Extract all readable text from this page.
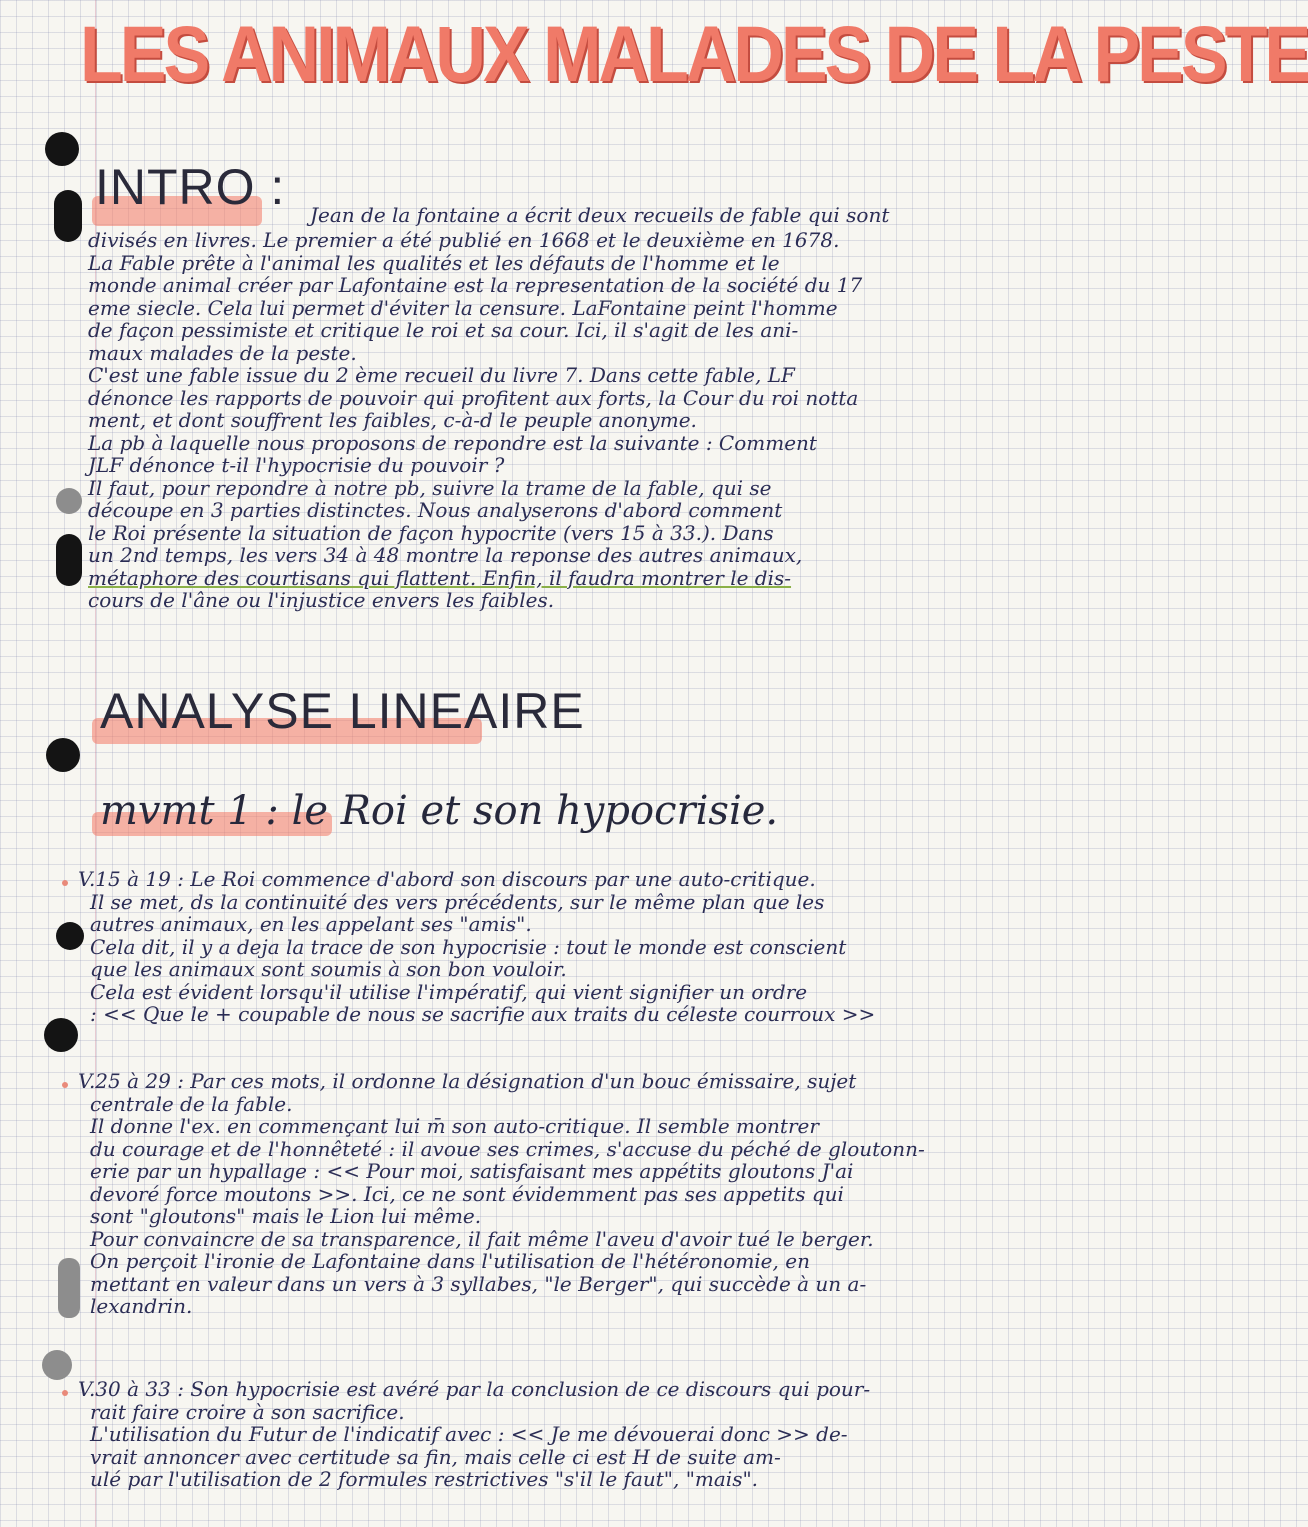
LES ANIMAUX MALADES DE LA PESTE
INTRO : Jean de la fontaine a écrit deux recueils de fable qui sont

divisés en livres. Le premier a été publié en 1668 et le deuxième en 1678.

La Fable prête à l'animal les qualités et les défauts de l'homme et le

monde animal créer par Lafontaine est la representation de la société du 17

eme siecle. Cela lui permet d'éviter la censure. LaFontaine peint l'homme

de façon pessimiste et critique le roi et sa cour. Ici, il s'agit de les ani-

maux malades de la peste.

C'est une fable issue du 2 ème recueil du livre 7. Dans cette fable, LF

dénonce les rapports de pouvoir qui profitent aux forts, la Cour du roi notta

ment, et dont souffrent les faibles, c-à-d le peuple anonyme.

La pb à laquelle nous proposons de repondre est la suivante : Comment

JLF dénonce t-il l'hypocrisie du pouvoir ?

Il faut, pour repondre à notre pb, suivre la trame de la fable, qui se

découpe en 3 parties distinctes. Nous analyserons d'abord comment

le Roi présente la situation de façon hypocrite (vers 15 à 33.). Dans

un 2nd temps, les vers 34 à 48 montre la reponse des autres animaux,

métaphore des courtisans qui flattent. Enfin, il faudra montrer le dis-

cours de l'âne ou l'injustice envers les faibles.

ANALYSE LINEAIRE
mvmt 1 : le Roi et son hypocrisie.

V.15 à 19 : Le Roi commence d'abord son discours par une auto-critique.

Il se met, ds la continuité des vers précédents, sur le même plan que les

autres animaux, en les appelant ses "amis".

Cela dit, il y a deja la trace de son hypocrisie : tout le monde est conscient

que les animaux sont soumis à son bon vouloir.

Cela est évident lorsqu'il utilise l'impératif, qui vient signifier un ordre

: << Que le + coupable de nous se sacrifie aux traits du céleste courroux >>

V.25 à 29 : Par ces mots, il ordonne la désignation d'un bouc émissaire, sujet

centrale de la fable.

Il donne l'ex. en commençant lui m̄ son auto-critique. Il semble montrer

du courage et de l'honnêteté : il avoue ses crimes, s'accuse du péché de gloutonn-

erie par un hypallage : << Pour moi, satisfaisant mes appétits gloutons J'ai

devoré force moutons >>. Ici, ce ne sont évidemment pas ses appetits qui

sont "gloutons" mais le Lion lui même.

Pour convaincre de sa transparence, il fait même l'aveu d'avoir tué le berger.

On perçoit l'ironie de Lafontaine dans l'utilisation de l'hétéronomie, en

mettant en valeur dans un vers à 3 syllabes, "le Berger", qui succède à un a-

lexandrin.

V.30 à 33 : Son hypocrisie est avéré par la conclusion de ce discours qui pour-

rait faire croire à son sacrifice.

L'utilisation du Futur de l'indicatif avec : << Je me dévouerai donc >> de-

vrait annoncer avec certitude sa fin, mais celle ci est H de suite am-

ulé par l'utilisation de 2 formules restrictives "s'il le faut", "mais".
